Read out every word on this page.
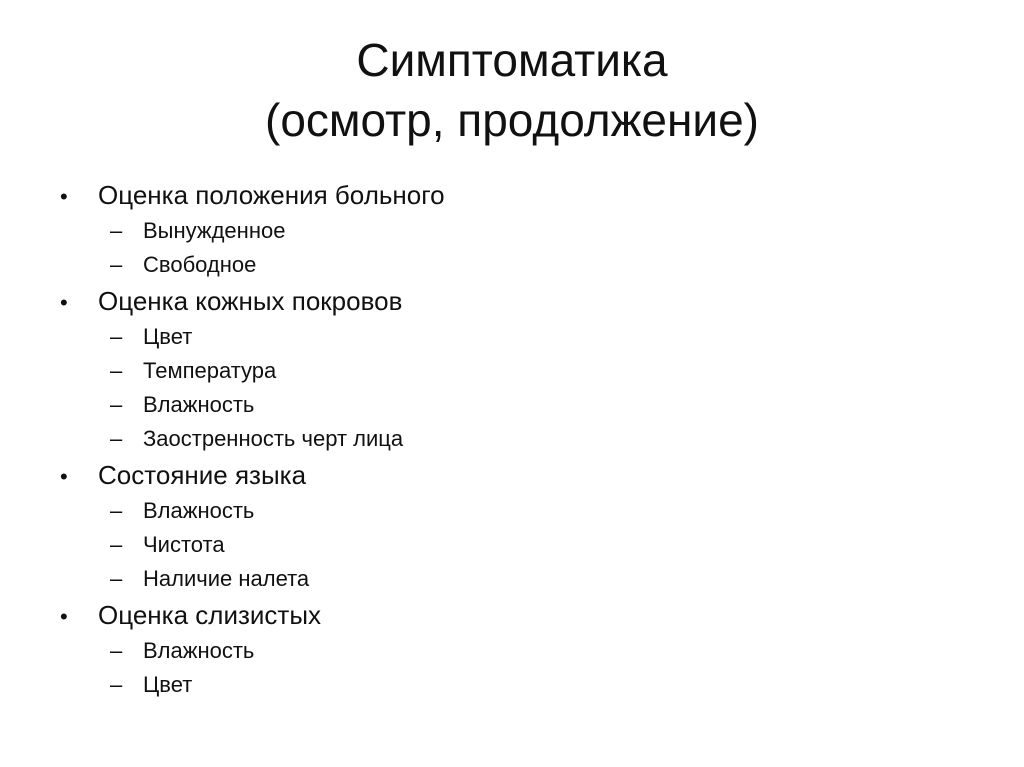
Симптоматика
(осмотр, продолжение)
•	Оценка положения больного
– Вынужденное
– Свободное
•	Оценка кожных покровов
– Цвет
– Температура
– Влажность
– Заостренность черт лица
•	Состояние языка
– Влажность
– Чистота
– Наличие налета
•	Оценка слизистых
– Влажность
– Цвет
